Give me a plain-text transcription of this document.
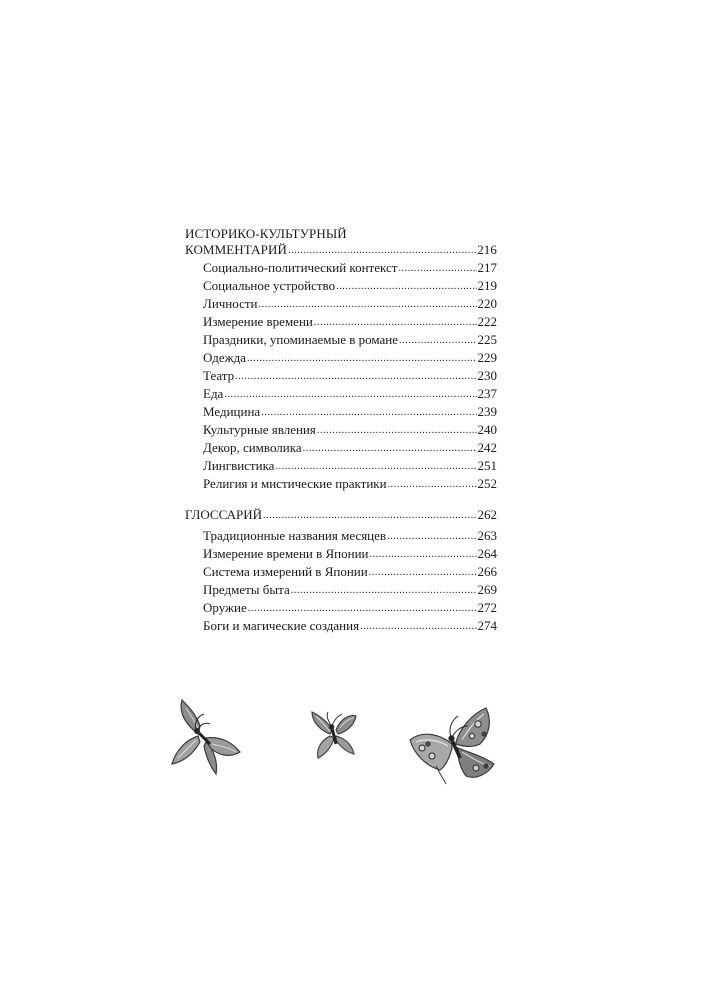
ИСТОРИКО-КУЛЬТУРНЫЙ
КОММЕНТАРИЙ .....	216
Социально-политический контекст .....	217
Социальное устройство .....	219
Личности .....	220
Измерение времени .....	222
Праздники, упоминаемые в романе .....	225
Одежда .....	229
Театр .....	230
Еда .....	237
Медицина .....	239
Культурные явления .....	240
Декор, символика .....	242
Лингвистика .....	251
Религия и мистические практики .....	252
ГЛОССАРИЙ .....	262
Традиционные названия месяцев .....	263
Измерение времени в Японии .....	264
Система измерений в Японии .....	266
Предметы быта .....	269
Оружие .....	272
Боги и магические создания .....	274
